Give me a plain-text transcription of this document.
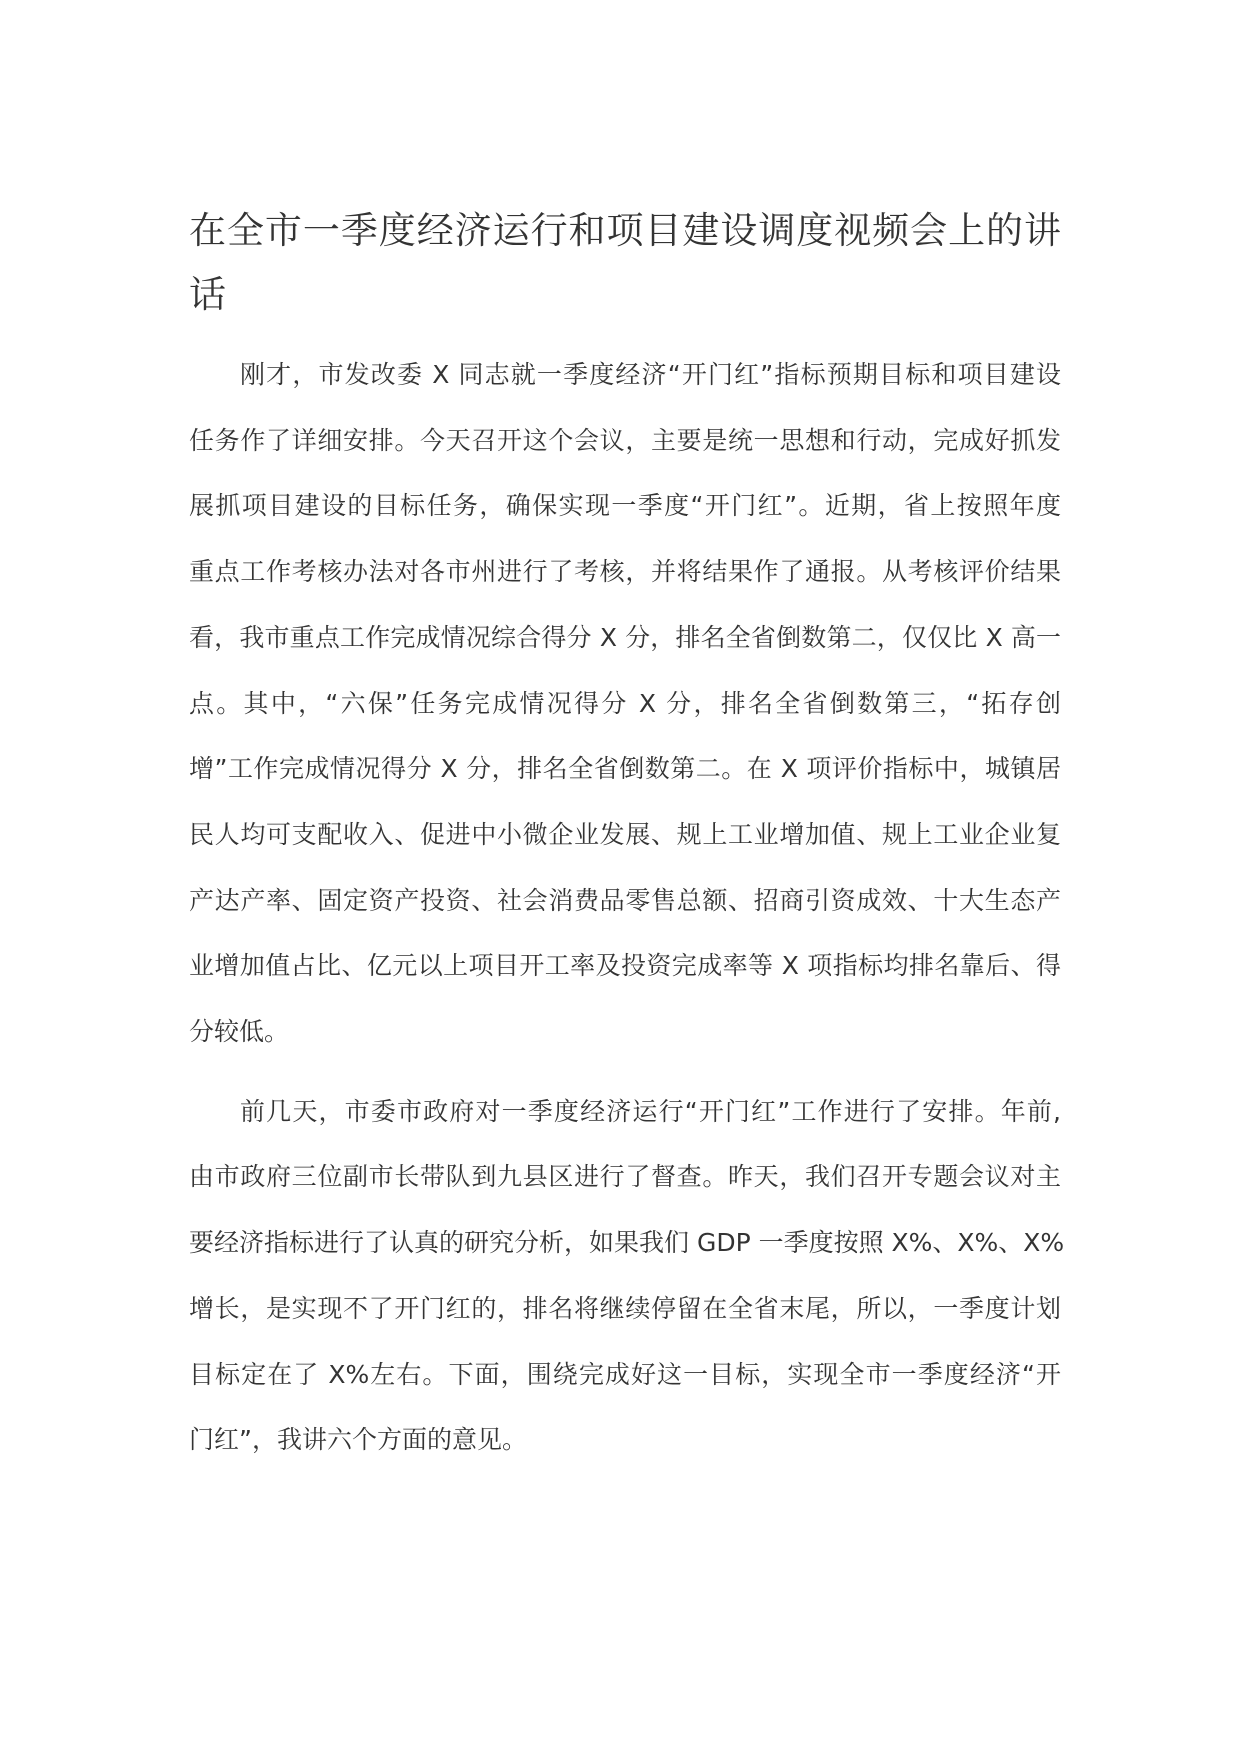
在全市一季度经济运行和项目建设调度视频会上的讲
话
刚才，市发改委 X 同志就一季度经济“开门红”指标预期目标和项目建设
任务作了详细安排。今天召开这个会议，主要是统一思想和行动，完成好抓发
展抓项目建设的目标任务，确保实现一季度“开门红”。近期，省上按照年度
重点工作考核办法对各市州进行了考核，并将结果作了通报。从考核评价结果
看，我市重点工作完成情况综合得分 X 分，排名全省倒数第二，仅仅比 X 高一
点。其中，“六保”任务完成情况得分 X 分，排名全省倒数第三，“拓存创
增”工作完成情况得分 X 分，排名全省倒数第二。在 X 项评价指标中，城镇居
民人均可支配收入、促进中小微企业发展、规上工业增加值、规上工业企业复
产达产率、固定资产投资、社会消费品零售总额、招商引资成效、十大生态产
业增加值占比、亿元以上项目开工率及投资完成率等 X 项指标均排名靠后、得
分较低。
前几天，市委市政府对一季度经济运行“开门红”工作进行了安排。年前,
由市政府三位副市长带队到九县区进行了督查。昨天，我们召开专题会议对主
要经济指标进行了认真的研究分析，如果我们 GDP 一季度按照 X%、X%、X%
增长，是实现不了开门红的，排名将继续停留在全省末尾，所以，一季度计划
目标定在了 X%左右。下面，围绕完成好这一目标，实现全市一季度经济“开
门红”，我讲六个方面的意见。
